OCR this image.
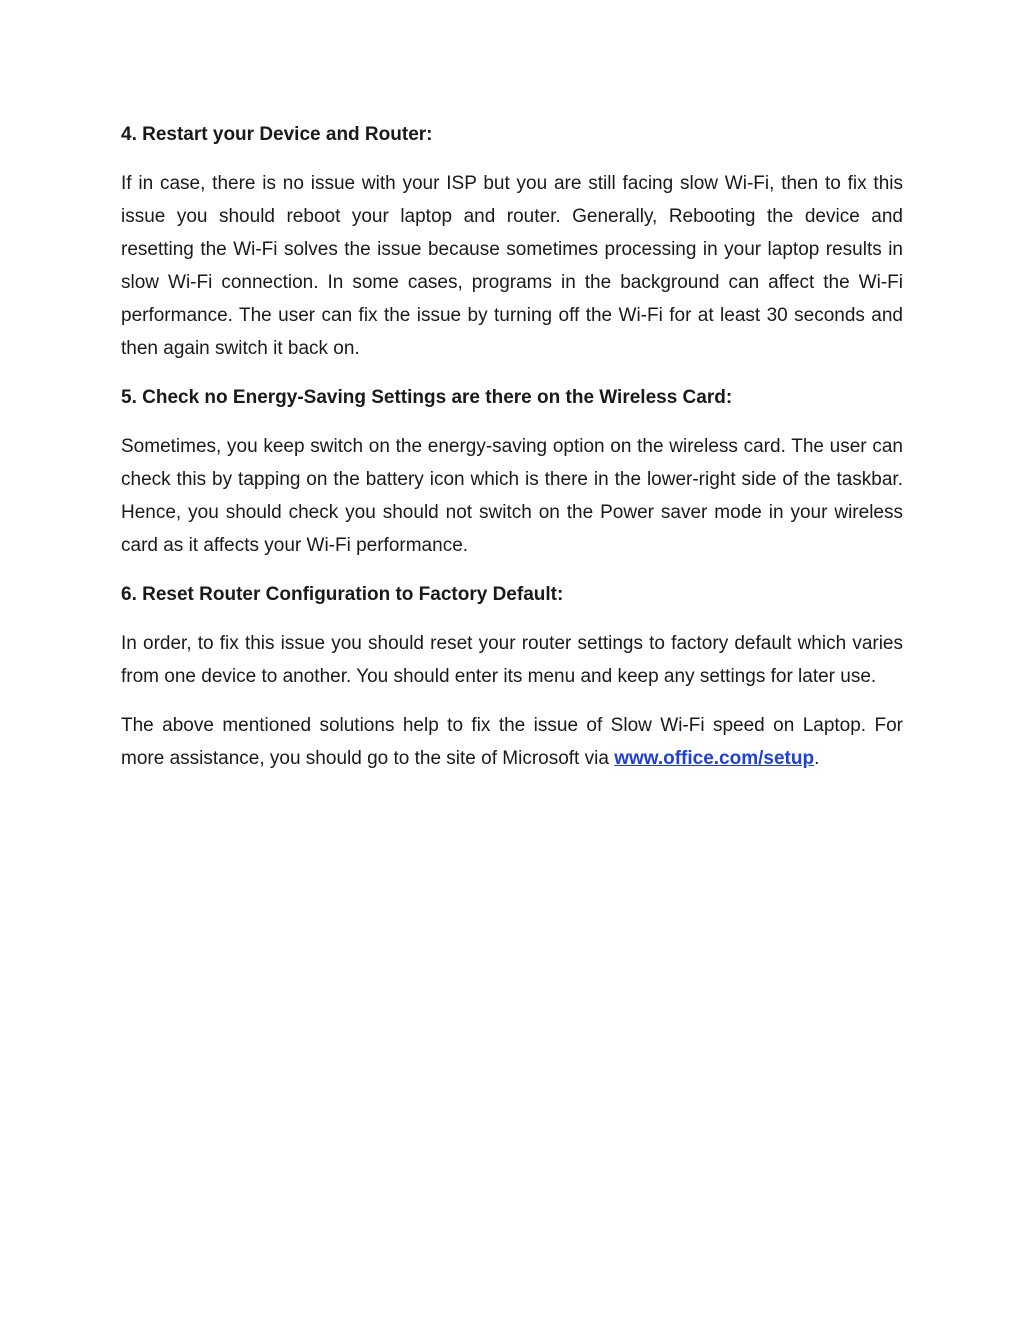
4. Restart your Device and Router:
If in case, there is no issue with your ISP but you are still facing slow Wi-Fi, then to fix this issue you should reboot your laptop and router. Generally, Rebooting the device and resetting the Wi-Fi solves the issue because sometimes processing in your laptop results in slow Wi-Fi connection. In some cases, programs in the background can affect the Wi-Fi performance. The user can fix the issue by turning off the Wi-Fi for at least 30 seconds and then again switch it back on.
5. Check no Energy-Saving Settings are there on the Wireless Card:
Sometimes, you keep switch on the energy-saving option on the wireless card. The user can check this by tapping on the battery icon which is there in the lower-right side of the taskbar. Hence, you should check you should not switch on the Power saver mode in your wireless card as it affects your Wi-Fi performance.
6. Reset Router Configuration to Factory Default:
In order, to fix this issue you should reset your router settings to factory default which varies from one device to another. You should enter its menu and keep any settings for later use.
The above mentioned solutions help to fix the issue of Slow Wi-Fi speed on Laptop. For more assistance, you should go to the site of Microsoft via www.office.com/setup.
